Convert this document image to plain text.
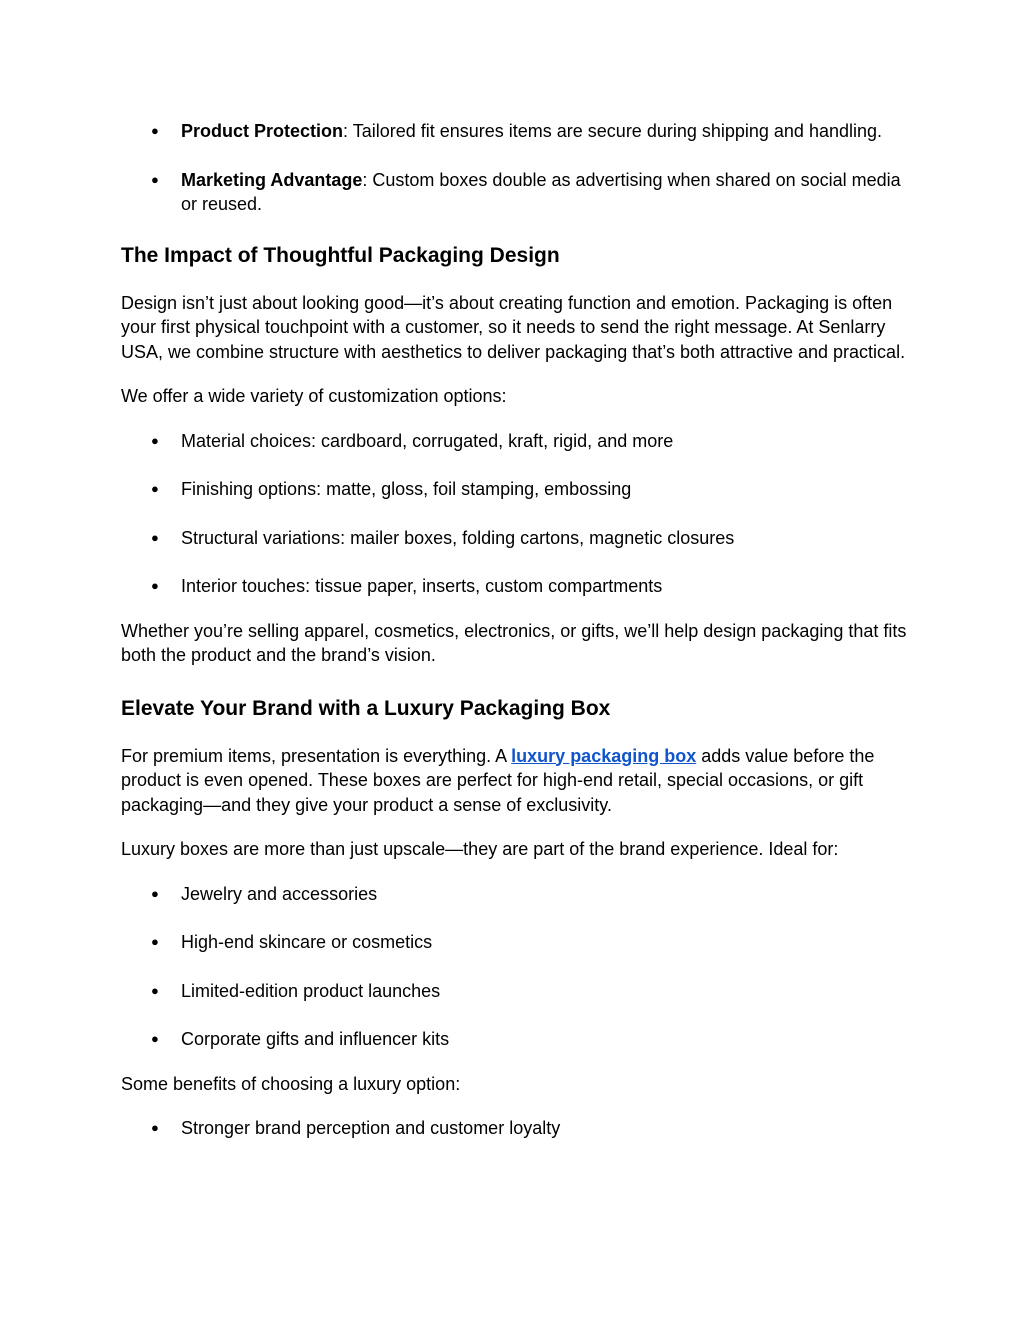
● Product Protection: Tailored fit ensures items are secure during shipping and handling.
● Marketing Advantage: Custom boxes double as advertising when shared on social media or reused.
The Impact of Thoughtful Packaging Design

Design isn’t just about looking good—it’s about creating function and emotion. Packaging is often your first physical touchpoint with a customer, so it needs to send the right message. At Senlarry USA, we combine structure with aesthetics to deliver packaging that’s both attractive and practical.

We offer a wide variety of customization options:

● Material choices: cardboard, corrugated, kraft, rigid, and more
● Finishing options: matte, gloss, foil stamping, embossing
● Structural variations: mailer boxes, folding cartons, magnetic closures
● Interior touches: tissue paper, inserts, custom compartments

Whether you’re selling apparel, cosmetics, electronics, or gifts, we’ll help design packaging that fits both the product and the brand’s vision.

Elevate Your Brand with a Luxury Packaging Box

For premium items, presentation is everything. A luxury packaging box adds value before the product is even opened. These boxes are perfect for high-end retail, special occasions, or gift packaging—and they give your product a sense of exclusivity.

Luxury boxes are more than just upscale—they are part of the brand experience. Ideal for:

● Jewelry and accessories
● High-end skincare or cosmetics
● Limited-edition product launches
● Corporate gifts and influencer kits

Some benefits of choosing a luxury option:

● Stronger brand perception and customer loyalty
